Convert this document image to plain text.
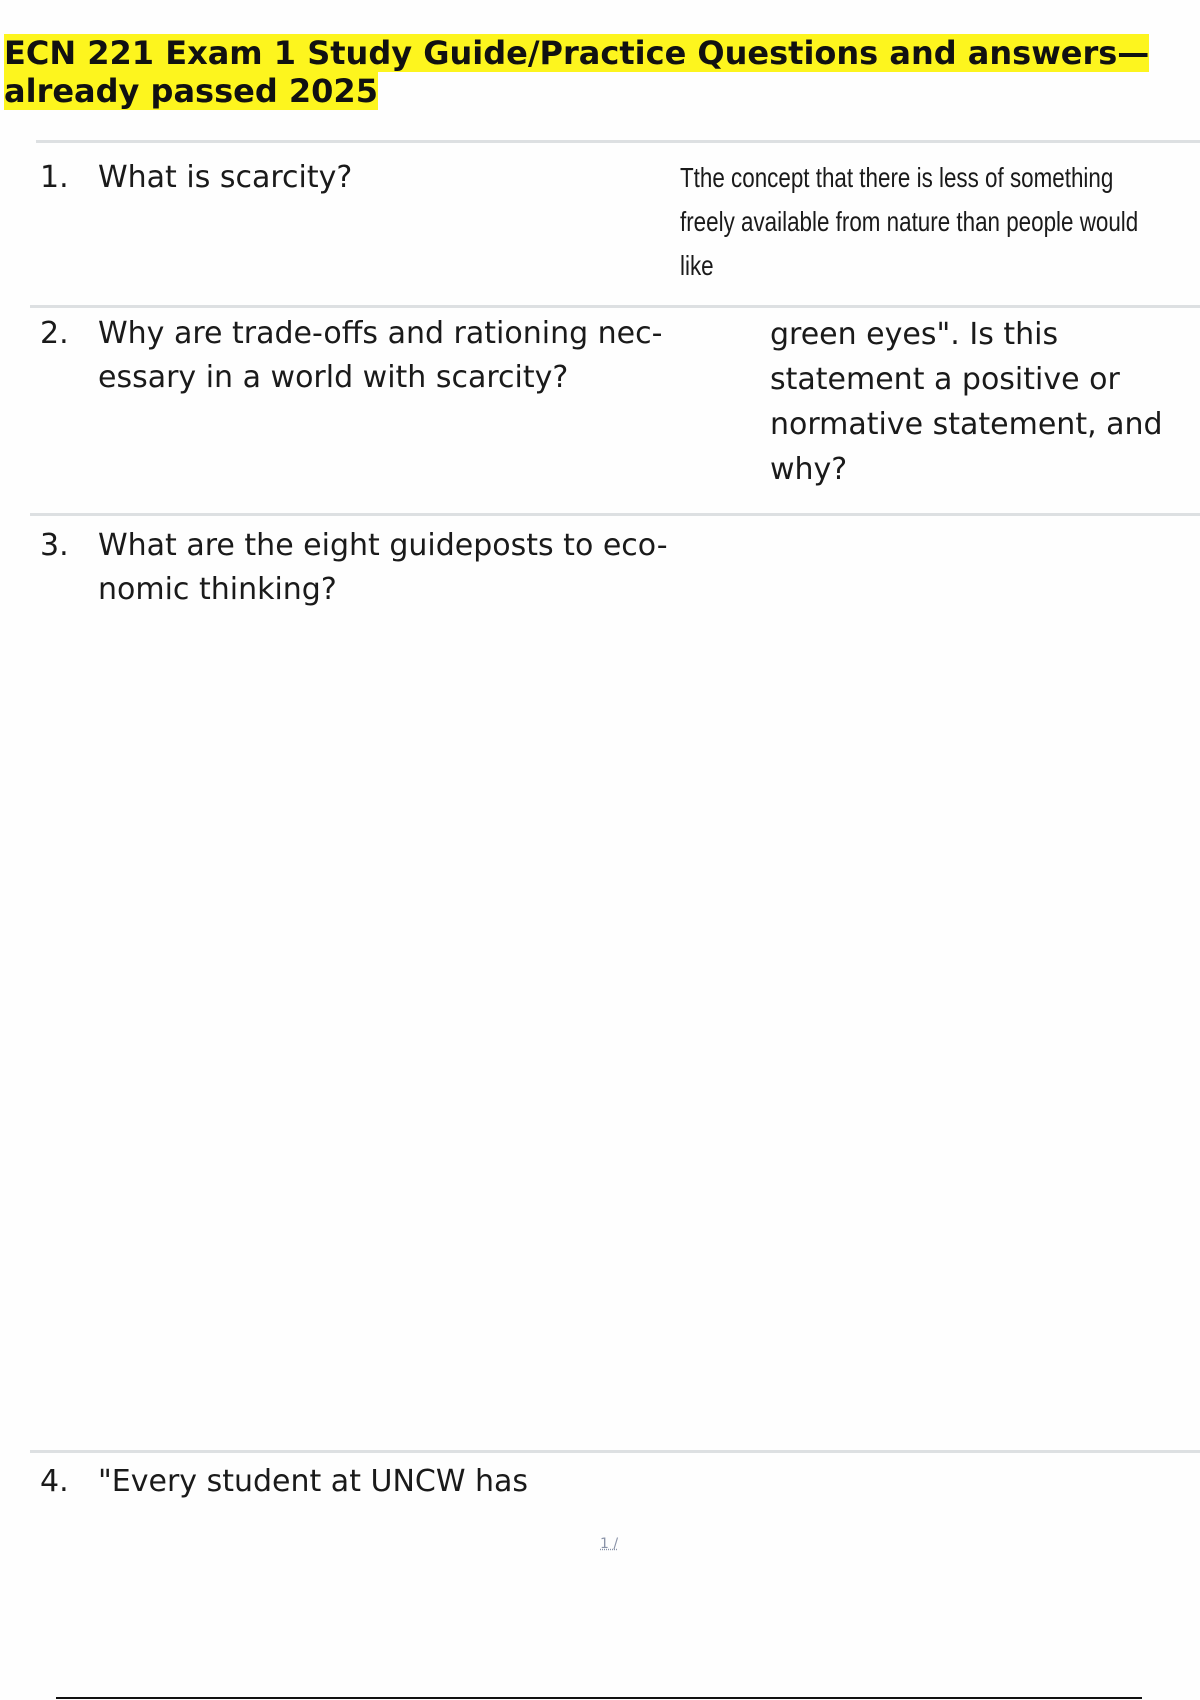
ECN 221 Exam 1 Study Guide/Practice Questions and answers— already passed 2025
1. What is scarcity?	Tthe concept that there is less of something freely available from nature than people would like
2. Why are trade-offs and rationing nec-  essary in a world with scarcity?
green eyes". Is this statement a positive or normative statement, and why?
3. What are the eight guideposts to eco- nomic thinking?
4. "Every student at UNCW has
1 /
